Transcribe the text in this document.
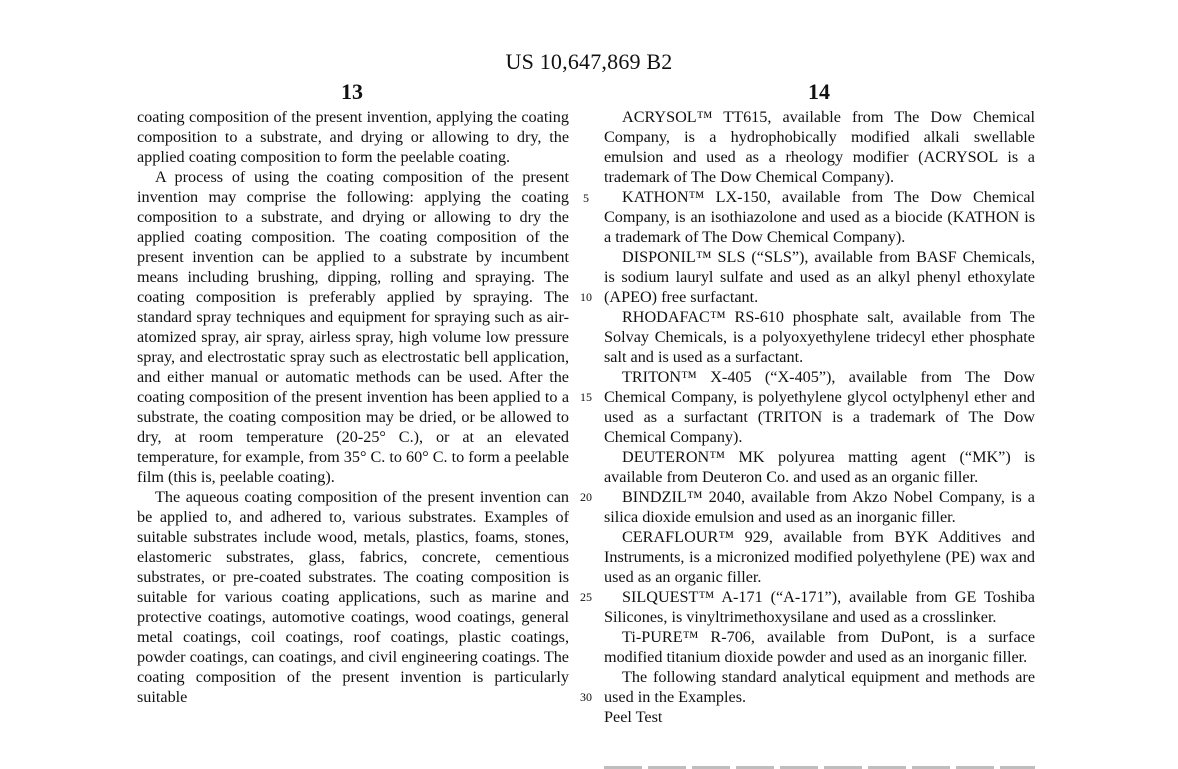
US 10,647,869 B2
13	14

coating composition of the present invention, applying the coating composition to a substrate, and drying or allowing to dry, the applied coating composition to form the peelable coating.

A process of using the coating composition of the present invention may comprise the following: applying the coating composition to a substrate, and drying or allowing to dry the applied coating composition. The coating composition of the present invention can be applied to a substrate by incumbent means including brushing, dipping, rolling and spraying. The coating composition is preferably applied by spraying. The standard spray techniques and equipment for spraying such as air-atomized spray, air spray, airless spray, high volume low pressure spray, and electrostatic spray such as electrostatic bell application, and either manual or automatic methods can be used. After the coating composition of the present invention has been applied to a substrate, the coating composition may be dried, or be allowed to dry, at room temperature (20-25° C.), or at an elevated temperature, for example, from 35° C. to 60° C. to form a peelable film (this is, peelable coating).

The aqueous coating composition of the present invention can be applied to, and adhered to, various substrates. Examples of suitable substrates include wood, metals, plastics, foams, stones, elastomeric substrates, glass, fabrics, concrete, cementious substrates, or pre-coated substrates. The coating composition is suitable for various coating applications, such as marine and protective coatings, automotive coatings, wood coatings, general metal coatings, coil coatings, roof coatings, plastic coatings, powder coatings, can coatings, and civil engineering coatings. The coating composition of the present invention is particularly suitable

5
10
15
20
25
30

ACRYSOL™ TT615, available from The Dow Chemical Company, is a hydrophobically modified alkali swellable emulsion and used as a rheology modifier (ACRYSOL is a trademark of The Dow Chemical Company).

KATHON™ LX-150, available from The Dow Chemical Company, is an isothiazolone and used as a biocide (KATHON is a trademark of The Dow Chemical Company).

DISPONIL™ SLS (“SLS”), available from BASF Chemicals, is sodium lauryl sulfate and used as an alkyl phenyl ethoxylate (APEO) free surfactant.

RHODAFAC™ RS-610 phosphate salt, available from The Solvay Chemicals, is a polyoxyethylene tridecyl ether phosphate salt and is used as a surfactant.

TRITON™ X-405 (“X-405”), available from The Dow Chemical Company, is polyethylene glycol octylphenyl ether and used as a surfactant (TRITON is a trademark of The Dow Chemical Company).

DEUTERON™ MK polyurea matting agent (“MK”) is available from Deuteron Co. and used as an organic filler.

BINDZIL™ 2040, available from Akzo Nobel Company, is a silica dioxide emulsion and used as an inorganic filler.

CERAFLOUR™ 929, available from BYK Additives and Instruments, is a micronized modified polyethylene (PE) wax and used as an organic filler.

SILQUEST™ A-171 (“A-171”), available from GE Toshiba Silicones, is vinyltrimethoxysilane and used as a crosslinker.

Ti-PURE™ R-706, available from DuPont, is a surface modified titanium dioxide powder and used as an inorganic filler.

The following standard analytical equipment and methods are used in the Examples.

Peel Test
